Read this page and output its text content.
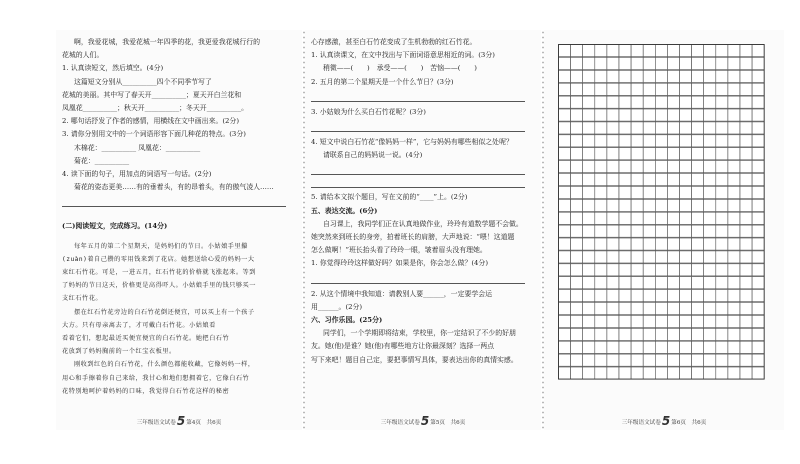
啊，我爱花城，我爱花城一年四季的花，我更爱我花城行行的

花城的人们。

1. 认真读短文，然后填空。(4分)

这篇短文分别从__________四个不同季节写了

花城的美丽。其中写了春天开__________；夏天开白兰花和

凤凰花__________；秋天开__________；冬天开__________。

2. 哪句话抒发了作者的感情，用横线在文中画出来。(2分)

3. 请你分别用文中的一个词语形容下面几种花的特点。(3分)

木棉花：__________ 凤凰花：__________

菊花：__________

4. 读下面的句子，用加点的词语写一句话。(2分)

菊花的姿态更美……有的垂着头，有的昂着头，有的傲气凌人……

(二)阅读短文，完成练习。(14分)

每年五月的第二个星期天，是妈妈们的节日。小姑娘手里攥

(zuàn)着自己攒的零用钱来到了花店。她想送给心爱的妈妈一大

束红石竹花。可是，一进五月，红石竹花的价格就飞涨起来。等到

了妈妈的节日这天，价格更是高得吓人。小姑娘手里的钱只够买一

支红石竹花。

摆在红石竹花旁边的白石竹花倒还便宜，可以买上有一个孩子

大方。只有母亲离去了，才可戴白石竹花。小姑娘看

看着它们，想起最近买便宜便宜的白石竹花。她把白石竹

花放到了妈妈胸前的一个红宝衣板里。

刚收到红色的白石竹花，什么颜色都能收藏，它像妈妈一样，

用心和手擦着你自己来给，我甘心和地们想拥着它，它像白石竹

花特别地呵护着妈妈的口味，我觉得白石竹花这样的秘密

三年级语文试卷5第4页　共6页

心存感激，甚至白石竹花变成了生机勃勃的红石竹花。

1. 认真读课文，在文中找出与下面词语意思相近的词。(3分)

稍微——(　　)　承受——(　　)　苦恼——(　　)

2. 五月的第二个星期天是一个什么节日？(3分)

3. 小姑娘为什么买白石竹花呢？(3分)

4. 短文中说白石竹花“像妈妈一样”，它与妈妈有哪些相似之处呢？

请联系自己的妈妈说一说。(4分)

5. 请给本文拟个题目，写在文前的“____”上。(2分)

五、表达交流。(6分)

自习课上，我同学们正在认真地做作业，玲玲有道数学题不会做。

她突然来到班长的身旁，拍着班长的肩膀，大声地说：“喂！这道题

怎么做啊！”班长抬头看了玲玲一眼，皱着眉头没有理她。

1. 你觉得玲玲这样做好吗？如果是你，你会怎么做？(4分)

2. 从这个情境中我知道：请教别人要______，一定要学会运

用______。(2分)

六、习作乐园。(25分)

同学们，一个学期即将结束，学校里，你一定结识了不少的好朋

友。她(他)是谁？她(他)有哪些地方让你最深刻？选择一两点

写下来吧！题目自己定，要把事情写具体，要表达出你的真情实感。

三年级语文试卷5第5页　共6页	三年级语文试卷5第6页　共6页
